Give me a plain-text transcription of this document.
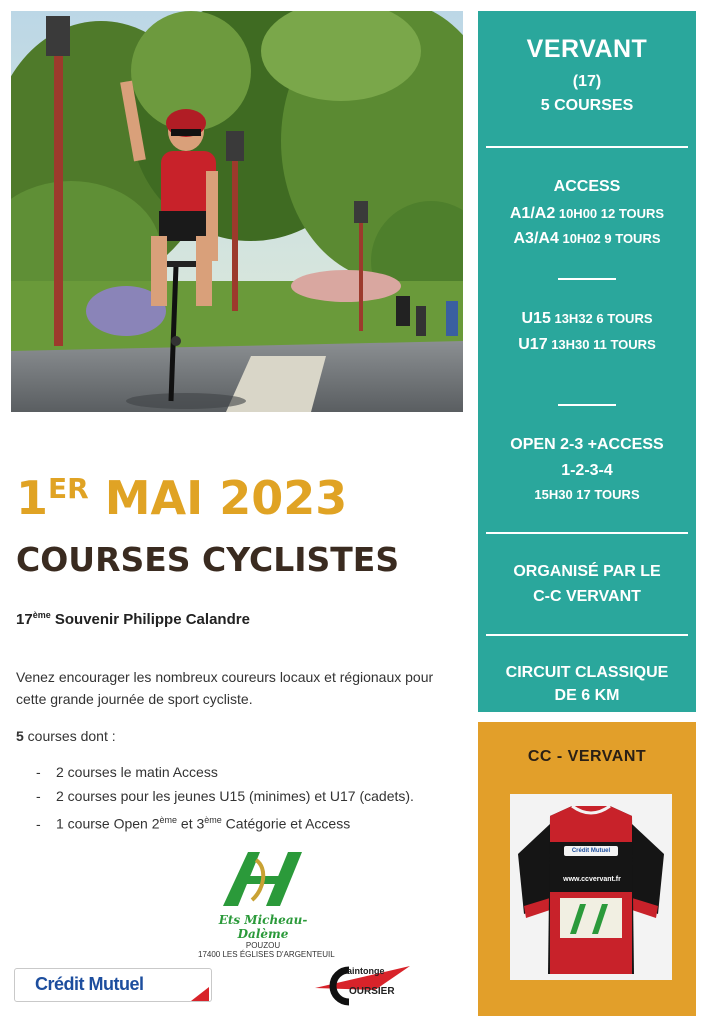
1ER MAI 2023
COURSES CYCLISTES
17ème Souvenir Philippe Calandre
Venez encourager les nombreux coureurs locaux et régionaux pour cette grande journée de sport cycliste.
5 courses dont :
- 2 courses le matin Access
- 2 courses pour les jeunes U15 (minimes) et U17 (cadets).
- 1 course Open 2ème et 3ème Catégorie et Access
Ets Micheau-Dalème
POUZOU
17400 LES ÉGLISES D'ARGENTEUIL
Crédit Mutuel
aintonge
OURSIER
VERVANT
(17)
5 COURSES
ACCESS
A1/A2 10H00 12 TOURS
A3/A4 10H02 9 TOURS
U15 13H32 6 TOURS
U17 13H30 11 TOURS
OPEN 2-3 +ACCESS
1-2-3-4
15H30 17 TOURS
ORGANISÉ PAR LE
C-C VERVANT
CIRCUIT CLASSIQUE
DE 6 KM
CC - VERVANT
www.ccvervant.fr
Crédit Mutuel
